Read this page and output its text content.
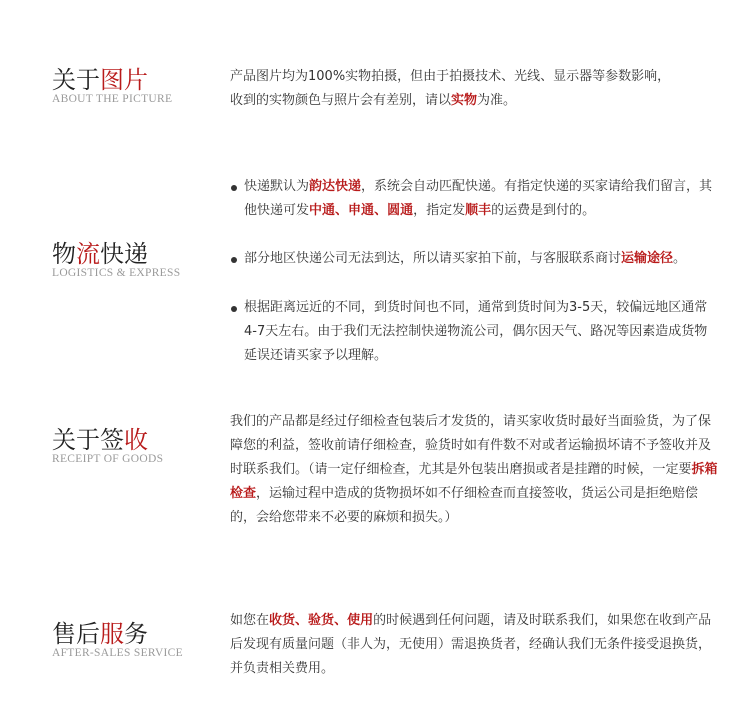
关于图片
ABOUT THE PICTURE

产品图片均为100%实物拍摄，但由于拍摄技术、光线、显示器等参数影响，

收到的实物颜色与照片会有差别，请以实物为准。

物流快递
LOGISTICS & EXPRESS
快递默认为韵达快递，系统会自动匹配快递。有指定快递的买家请给我们留言，其他快递可发中通、申通、圆通，指定发顺丰的运费是到付的。
部分地区快递公司无法到达，所以请买家拍下前，与客服联系商讨运输途径。
根据距离远近的不同，到货时间也不同，通常到货时间为3-5天，较偏远地区通常4-7天左右。由于我们无法控制快递物流公司，偶尔因天气、路况等因素造成货物延误还请买家予以理解。
关于签收
RECEIPT OF GOODS

我们的产品都是经过仔细检查包装后才发货的，请买家收货时最好当面验货，为了保障您的利益，签收前请仔细检查，验货时如有件数不对或者运输损坏请不予签收并及时联系我们。（请一定仔细检查，尤其是外包装出磨损或者是挂蹭的时候，一定要拆箱检查，运输过程中造成的货物损坏如不仔细检查而直接签收，货运公司是拒绝赔偿的，会给您带来不必要的麻烦和损失。）

售后服务
AFTER-SALES SERVICE

如您在收货、验货、使用的时候遇到任何问题，请及时联系我们，如果您在收到产品后发现有质量问题（非人为，无使用）需退换货者，经确认我们无条件接受退换货，并负责相关费用。
